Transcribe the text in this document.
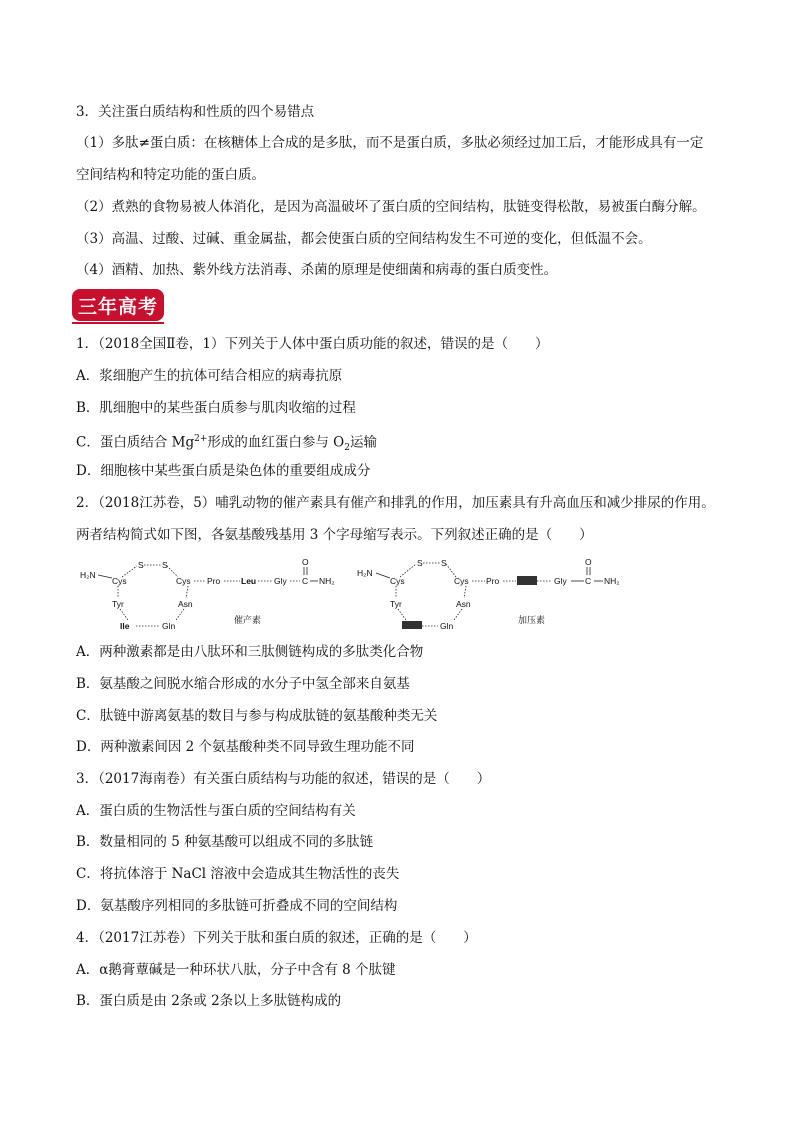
3．关注蛋白质结构和性质的四个易错点
（1）多肽≠蛋白质：在核糖体上合成的是多肽，而不是蛋白质，多肽必须经过加工后，才能形成具有一定
空间结构和特定功能的蛋白质。
（2）煮熟的食物易被人体消化，是因为高温破坏了蛋白质的空间结构，肽链变得松散，易被蛋白酶分解。
（3）高温、过酸、过碱、重金属盐，都会使蛋白质的空间结构发生不可逆的变化，但低温不会。
（4）酒精、加热、紫外线方法消毒、杀菌的原理是使细菌和病毒的蛋白质变性。
三年高考
1．（2018全国Ⅱ卷，1）下列关于人体中蛋白质功能的叙述，错误的是（　　）
A．浆细胞产生的抗体可结合相应的病毒抗原
B．肌细胞中的某些蛋白质参与肌肉收缩的过程
C．蛋白质结合 $Mg^{2+}$形成的血红蛋白参与 $O_2$运输
D．细胞核中某些蛋白质是染色体的重要组成成分
2．（2018江苏卷，5）哺乳动物的催产素具有催产和排乳的作用，加压素具有升高血压和减少排尿的作用。
两者结构简式如下图，各氨基酸残基用 3 个字母缩写表示。下列叙述正确的是（　　）
H₂N
Cys
S S
Cys
Tyr	Asn
Ile	Gln
Pro Leu Gly C
O
NH₂
催产素
H₂N
Cys
S S
Cys
Tyr	Asn
Gln
Pro	Gly C
O
NH₂
加压素
A．两种激素都是由八肽环和三肽侧链构成的多肽类化合物
B．氨基酸之间脱水缩合形成的水分子中氢全部来自氨基
C．肽链中游离氨基的数目与参与构成肽链的氨基酸种类无关
D．两种激素间因 2 个氨基酸种类不同导致生理功能不同
3．（2017海南卷）有关蛋白质结构与功能的叙述，错误的是（　　）
A．蛋白质的生物活性与蛋白质的空间结构有关
B．数量相同的 5 种氨基酸可以组成不同的多肽链
C．将抗体溶于 NaCl 溶液中会造成其生物活性的丧失
D．氨基酸序列相同的多肽链可折叠成不同的空间结构
4．（2017江苏卷）下列关于肽和蛋白质的叙述，正确的是（　　）
A．α鹅膏蕈碱是一种环状八肽，分子中含有 8 个肽键
B．蛋白质是由 2条或 2条以上多肽链构成的
